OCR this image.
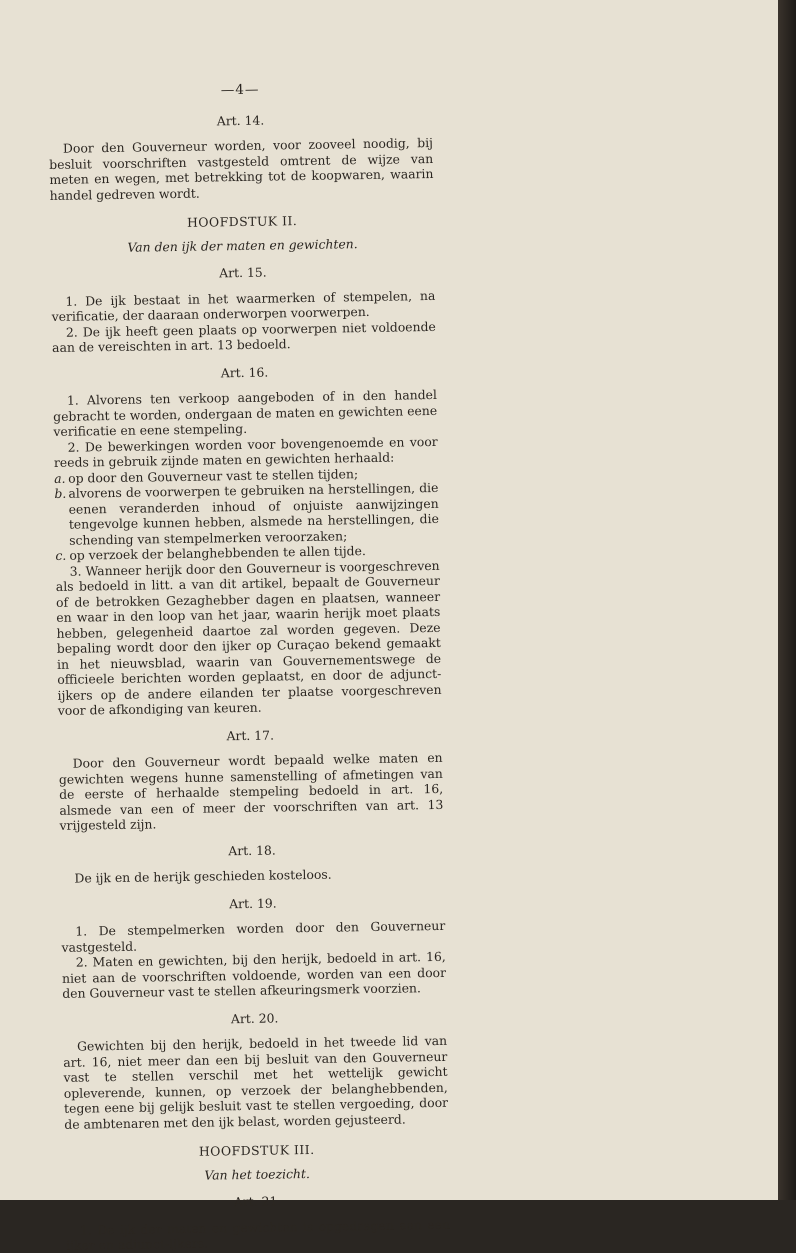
—4—
Art. 14.

Door den Gouverneur worden, voor zooveel noodig, bij besluit voorschriften vastgesteld omtrent de wijze van meten en wegen, met betrekking tot de koopwaren, waarin handel gedreven wordt.

HOOFDSTUK II.
Van den ijk der maten en gewichten.
Art. 15.

1. De ijk bestaat in het waarmerken of stempelen, na verificatie, der daaraan onderworpen voorwerpen.

2. De ijk heeft geen plaats op voorwerpen niet voldoende aan de vereischten in art. 13 bedoeld.

Art. 16.

1. Alvorens ten verkoop aangeboden of in den handel gebracht te worden, ondergaan de maten en gewichten eene verificatie en eene stempeling.

2. De bewerkingen worden voor bovengenoemde en voor reeds in gebruik zijnde maten en gewichten herhaald:

a. op door den Gouverneur vast te stellen tijden;
b. alvorens de voorwerpen te gebruiken na herstellingen, die eenen veranderden inhoud of onjuiste aanwijzingen tengevolge kunnen hebben, alsmede na herstellingen, die schending van stempelmerken veroorzaken;
c. op verzoek der belanghebbenden te allen tijde.

3. Wanneer herijk door den Gouverneur is voorgeschreven als bedoeld in litt. a van dit artikel, bepaalt de Gouverneur of de betrokken Gezaghebber dagen en plaatsen, wanneer en waar in den loop van het jaar, waarin herijk moet plaats hebben, gelegenheid daartoe zal worden gegeven. Deze bepaling wordt door den ijker op Curaçao bekend gemaakt in het nieuwsblad, waarin van Gouvernementswege de officieele berichten worden geplaatst, en door de adjunct-ijkers op de andere eilanden ter plaatse voorgeschreven voor de afkondiging van keuren.

Art. 17.

Door den Gouverneur wordt bepaald welke maten en gewichten wegens hunne samenstelling of afmetingen van de eerste of herhaalde stempeling bedoeld in art. 16, alsmede van een of meer der voorschriften van art. 13 vrijgesteld zijn.

Art. 18.

De ijk en de herijk geschieden kosteloos.

Art. 19.

1. De stempelmerken worden door den Gouverneur vastgesteld.

2. Maten en gewichten, bij den herijk, bedoeld in art. 16, niet aan de voorschriften voldoende, worden van een door den Gouverneur vast te stellen afkeuringsmerk voorzien.

Art. 20.

Gewichten bij den herijk, bedoeld in het tweede lid van art. 16, niet meer dan een bij besluit van den Gouverneur vast te stellen verschil met het wettelijk gewicht opleverende, kunnen, op verzoek der belanghebbenden, tegen eene bij gelijk besluit vast te stellen vergoeding, door de ambtenaren met den ijk belast, worden gejusteerd.

HOOFDSTUK III.
Van het toezicht.
Art. 21.

1. De ijk der maten en gewichten is opgedragen aan een ijker en adjunct-ijkers.
